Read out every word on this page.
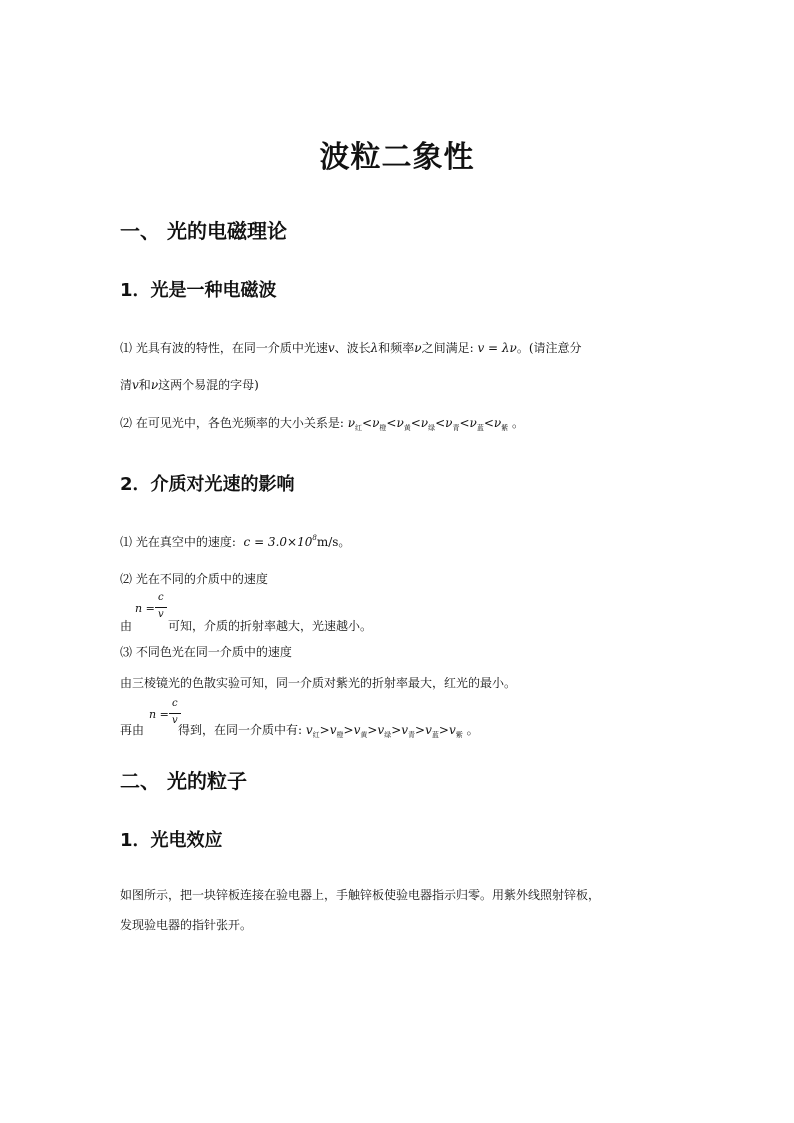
波粒二象性
一、 光的电磁理论
1．光是一种电磁波
⑴ 光具有波的特性，在同一介质中光速v、波长λ和频率ν之间满足: v = λν。(请注意分
清v和ν这两个易混的字母)
⑵ 在可见光中，各色光频率的大小关系是: $\nu_红<\nu_橙<\nu_黄<\nu_绿<\nu_青<\nu_蓝<\nu_紫$ 。
2．介质对光速的影响
⑴ 光在真空中的速度: $c = 3.0\times 10^8m/s$。
⑵ 光在不同的介质中的速度
n =
c
v
由	可知，介质的折射率越大，光速越小。
⑶ 不同色光在同一介质中的速度
由三棱镜光的色散实验可知，同一介质对紫光的折射率最大，红光的最小。
n =
c
v
再由	得到，在同一介质中有: $v_红>v_橙>v_黄>v_绿>v_青>v_蓝>v_紫$ 。
二、 光的粒子
1．光电效应
如图所示，把一块锌板连接在验电器上，手触锌板使验电器指示归零。用紫外线照射锌板，
发现验电器的指针张开。
